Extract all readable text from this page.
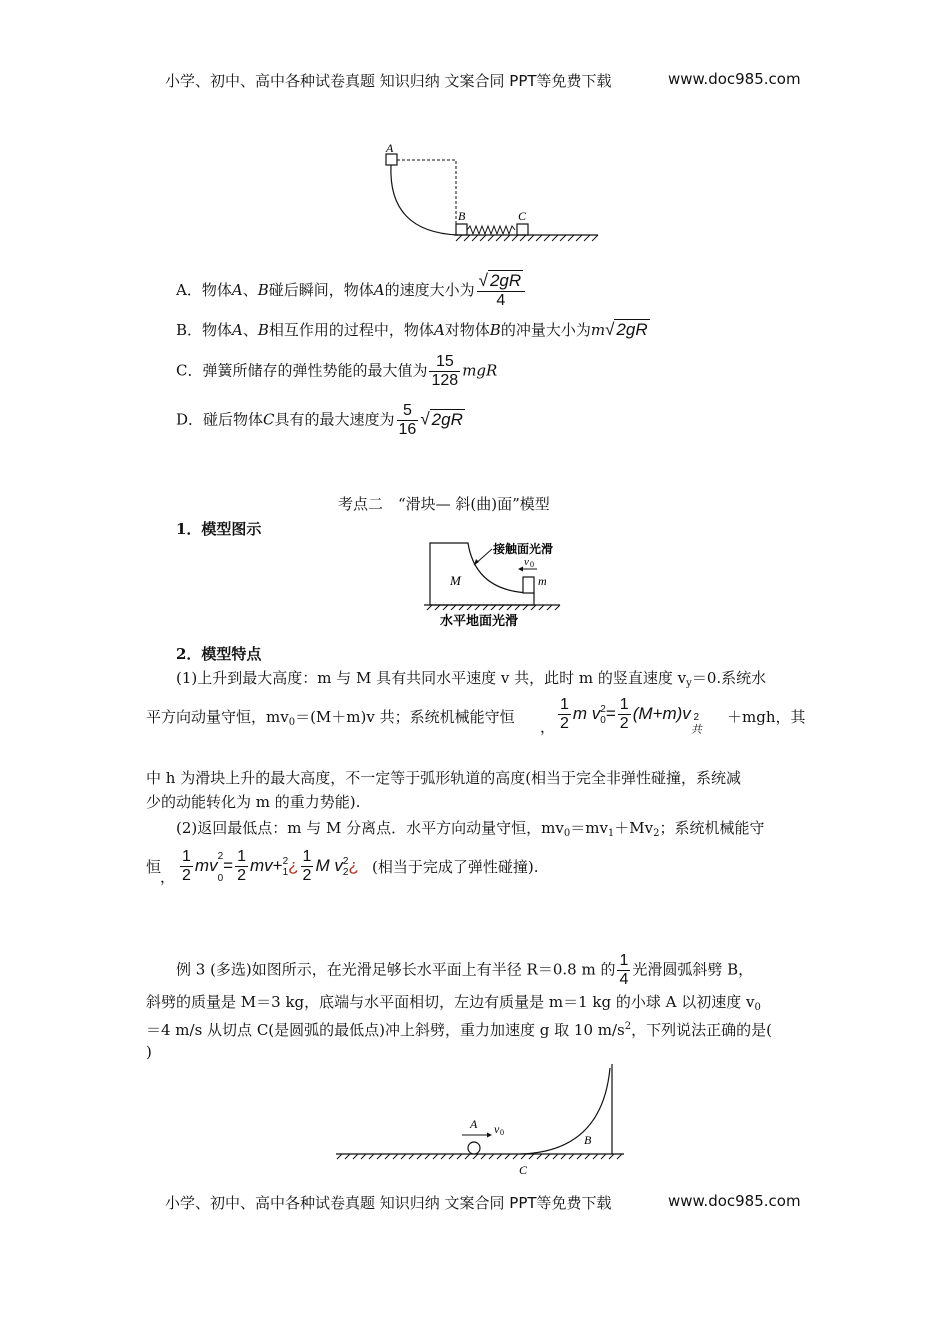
小学、初中、高中各种试卷真题 知识归纳 文案合同 PPT等免费下载	www.doc985.com
A
B	C
A．物体A、B碰后瞬间，物体A的速度大小为 $\frac{√ 2gR}{4}$
B．物体A、B相互作用的过程中，物体A对物体B的冲量大小为m√ 2gR
C．弹簧所储存的弹性势能的最大值为 $\frac{15}{128}$ mgR
D．碰后物体C具有的最大速度为 $\frac{5}{16}$ √ 2gR
考点二　“滑块— 斜(曲)面”模型
1．模型图示
接触面光滑
v 0
M	m
水平地面光滑
2．模型特点
(1)上升到最大高度：m 与 M 具有共同水平速度 v 共，此时 m 的竖直速度 $v_y=0$.系统水
平方向动量守恒，$mv_0=(M+m)v$ 共；系统机械能守恒
， $\frac{1}{2}$ m v 2
$0 = \frac{1}{2} (M+m)v$ 2
共
＋mgh，其
中 h 为滑块上升的最大高度，不一定等于弧形轨道的高度(相当于完全非弹性碰撞，系统减
少的动能转化为 m 的重力势能).
(2)返回最低点：m 与 M 分离点．水平方向动量守恒，$mv_0=mv_1+Mv_2$；系统机械能守
恒
， $\frac{1}{2}$ mv 2
0
= $\frac{1}{2} mv+ 2$
1 ¿ $\frac{1}{2}$ M v 2
2 ¿ (相当于完成了弹性碰撞).
例 3 (多选)如图所示，在光滑足够长水平面上有半径 R＝0.8 m 的 $\frac{1}{4}$ 光滑圆弧斜劈 B，
斜劈的质量是 M＝3 kg，底端与水平面相切，左边有质量是 m＝1 kg 的小球 A 以初速度 $v_0$
＝4 m/s 从切点 C(是圆弧的最低点)冲上斜劈，重力加速度 g 取 10 $m/s^2$，下列说法正确的是(
)
A v 0
B
C
小学、初中、高中各种试卷真题 知识归纳 文案合同 PPT等免费下载	www.doc985.com
